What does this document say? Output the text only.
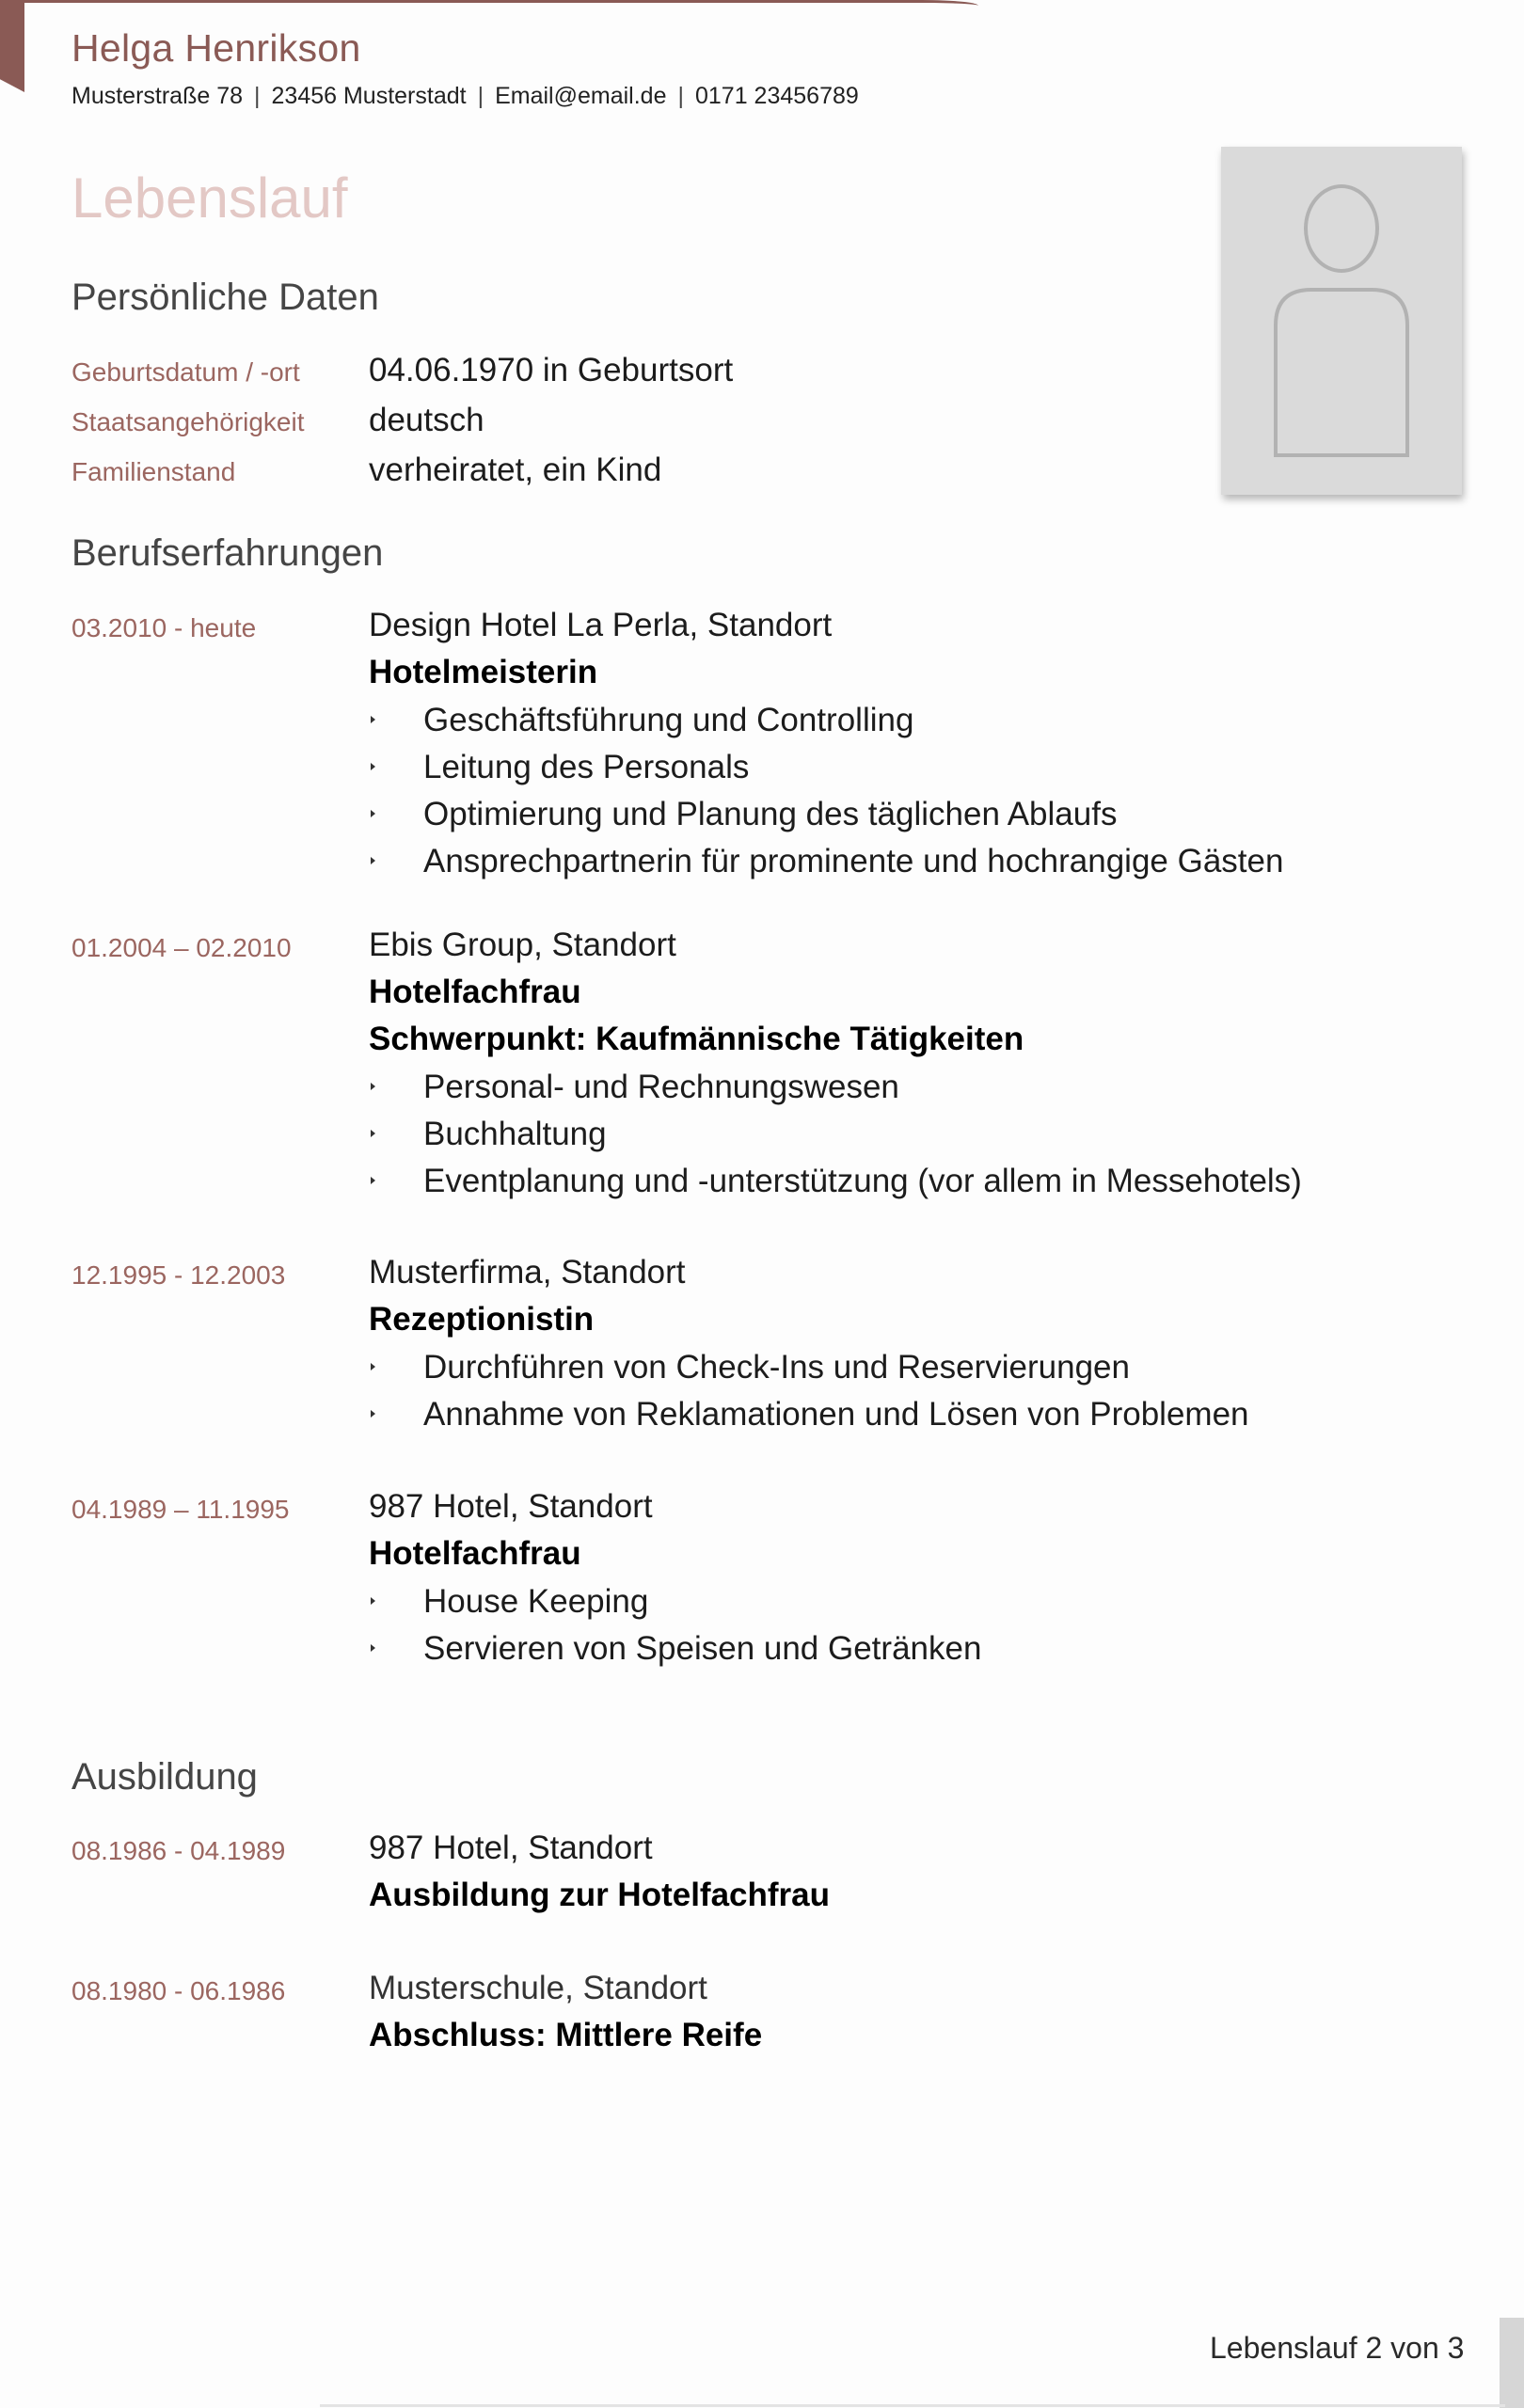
Helga Henrikson
Musterstraße 78 | 23456 Musterstadt | Email@email.de | 0171 23456789
Lebenslauf
Persönliche Daten
Geburtsdatum / -ort 04.06.1970 in Geburtsort
Staatsangehörigkeit deutsch
Familienstand	verheiratet, ein Kind
Berufserfahrungen
03.2010 - heute	Design Hotel La Perla, Standort
Hotelmeisterin
Geschäftsführung und Controlling
Leitung des Personals
Optimierung und Planung des täglichen Ablaufs
Ansprechpartnerin für prominente und hochrangige Gästen
01.2004 – 02.2010 Ebis Group, Standort
Hotelfachfrau
Schwerpunkt: Kaufmännische Tätigkeiten
Personal- und Rechnungswesen
Buchhaltung
Eventplanung und -unterstützung (vor allem in Messehotels)
12.1995 - 12.2003	Musterfirma, Standort
Rezeptionistin
Durchführen von Check-Ins und Reservierungen
Annahme von Reklamationen und Lösen von Problemen
04.1989 – 11.1995 987 Hotel, Standort
Hotelfachfrau
House Keeping
Servieren von Speisen und Getränken
Ausbildung
08.1986 - 04.1989	987 Hotel, Standort
Ausbildung zur Hotelfachfrau
08.1980 - 06.1986	Musterschule, Standort
Abschluss: Mittlere Reife
Lebenslauf 2 von 3
